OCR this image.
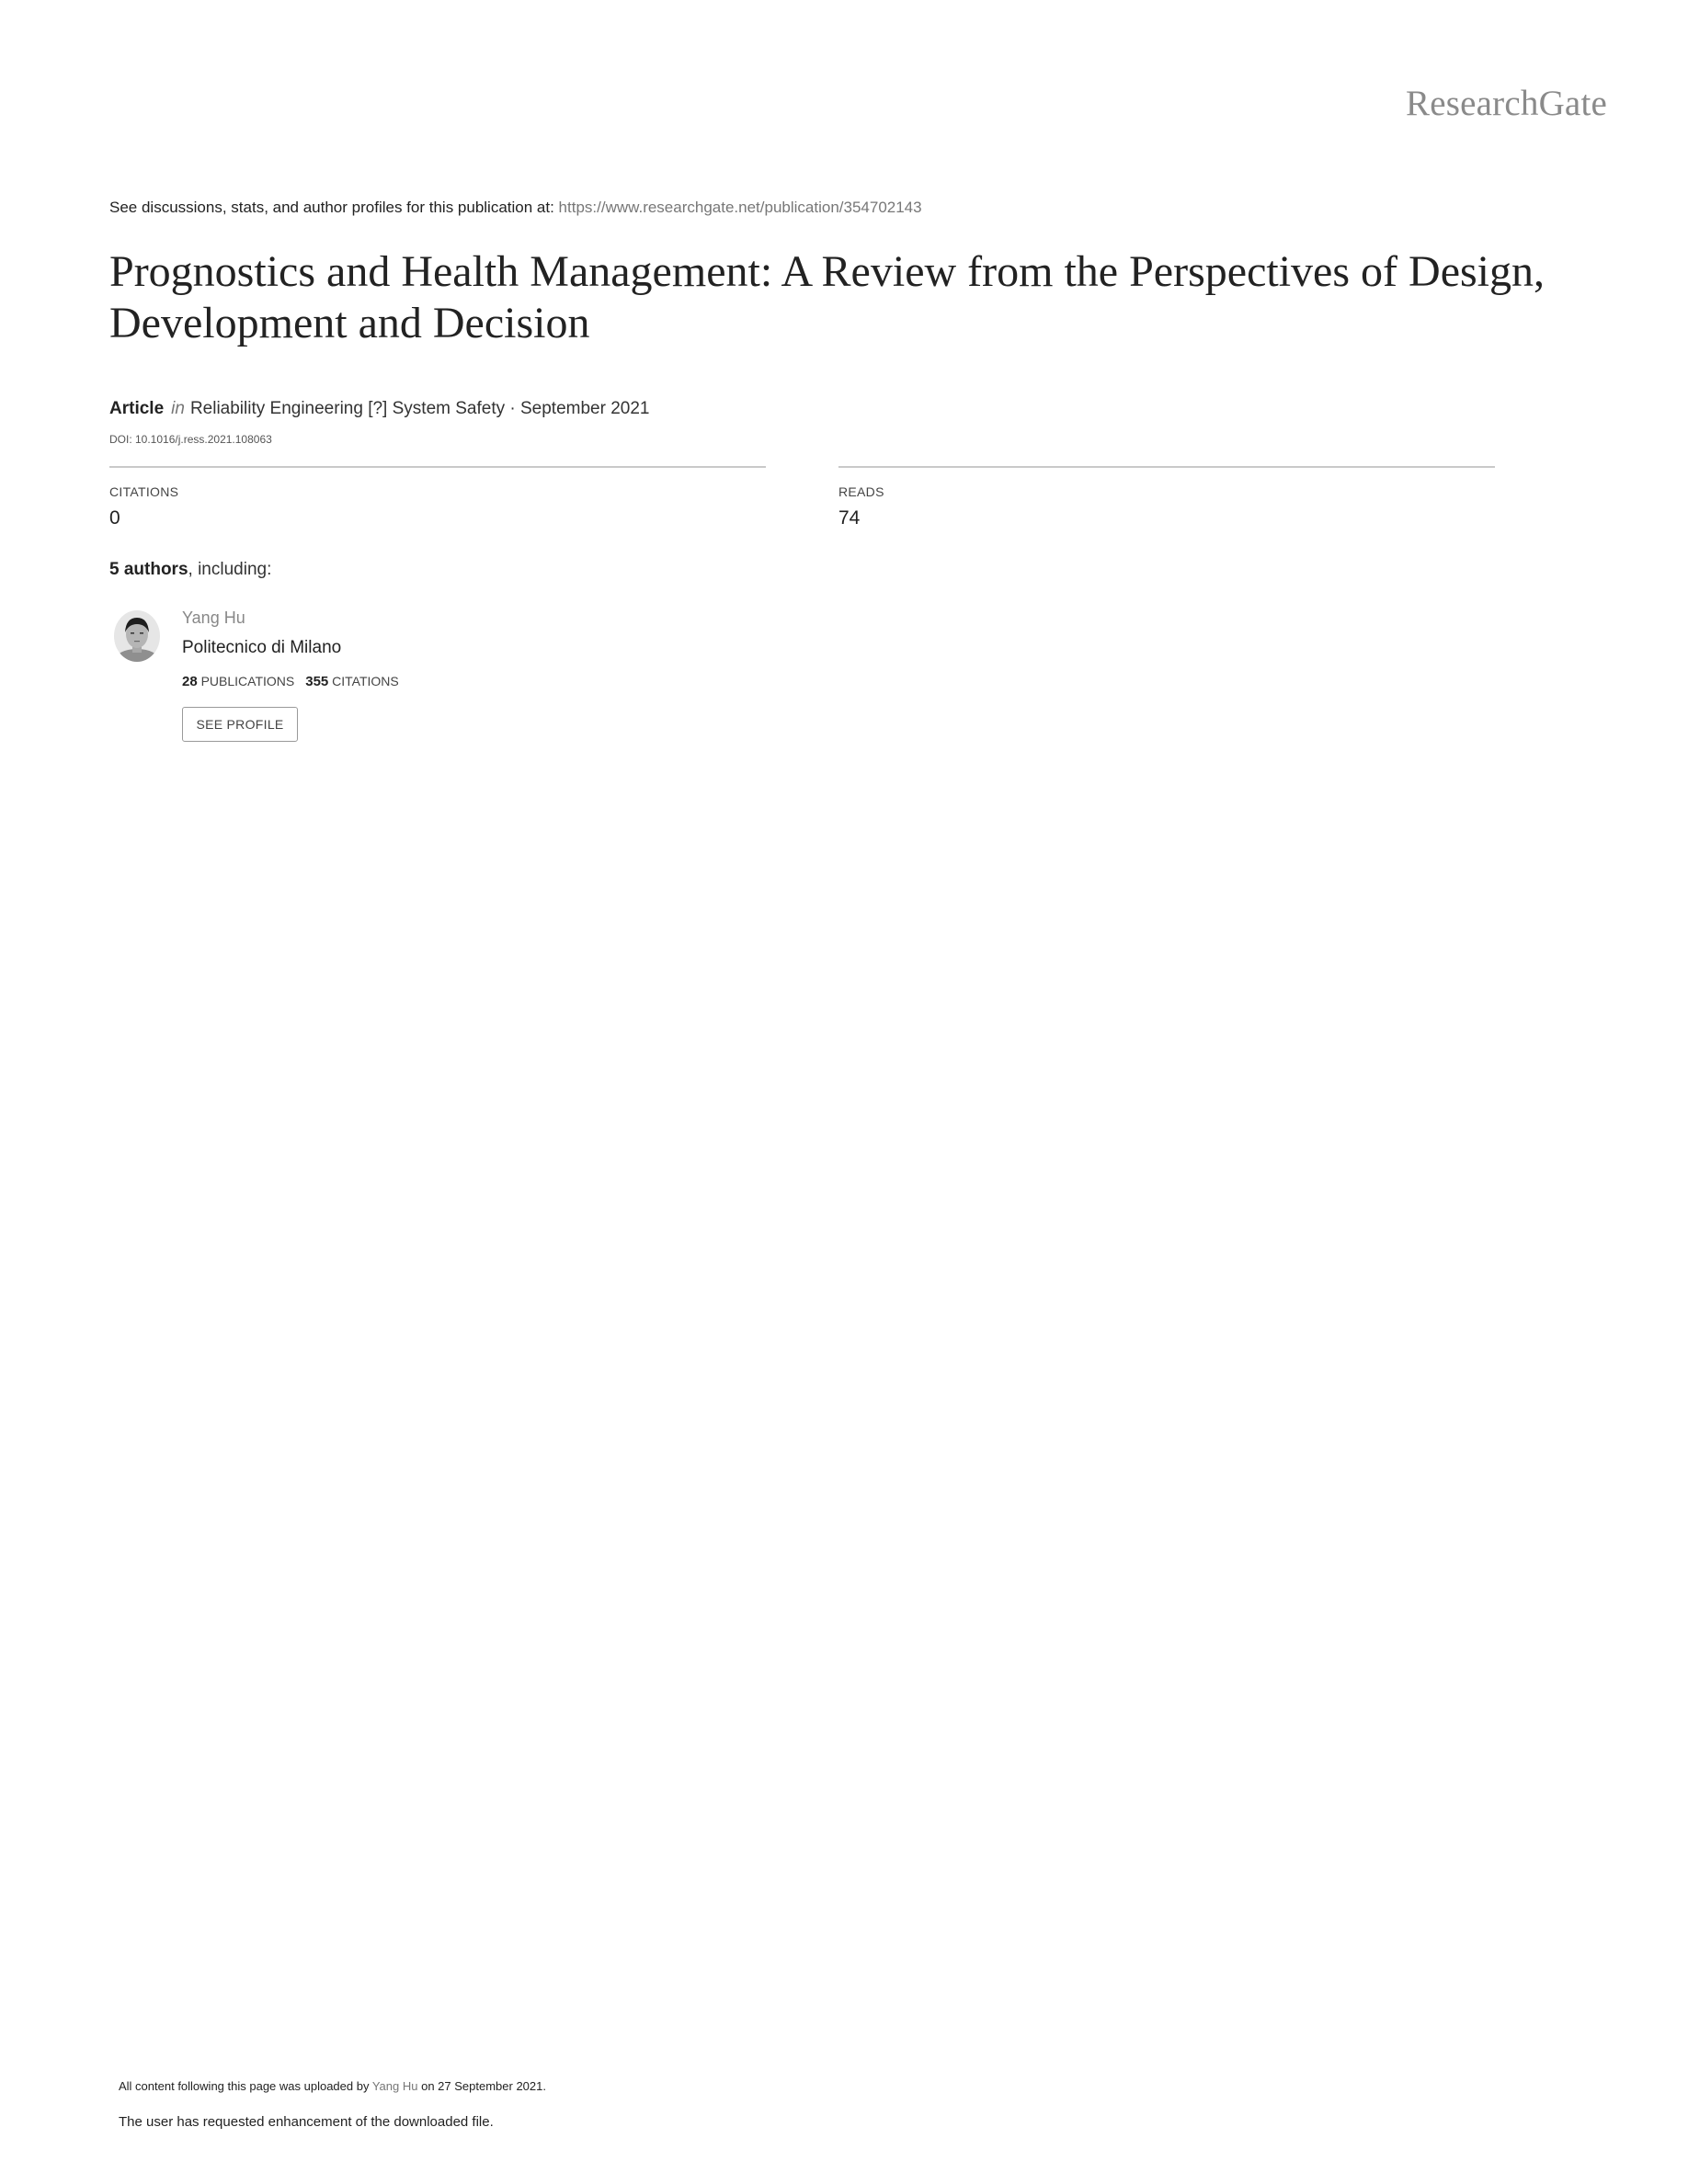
ResearchGate
See discussions, stats, and author profiles for this publication at: https://www.researchgate.net/publication/354702143
Prognostics and Health Management: A Review from the Perspectives of Design,
Development and Decision
Article in Reliability Engineering [?] System Safety · September 2021
DOI: 10.1016/j.ress.2021.108063
CITATIONS
0
READS
74
5 authors, including:
Yang Hu
Politecnico di Milano
28 PUBLICATIONS 355 CITATIONS
SEE PROFILE
All content following this page was uploaded by Yang Hu on 27 September 2021.
The user has requested enhancement of the downloaded file.
